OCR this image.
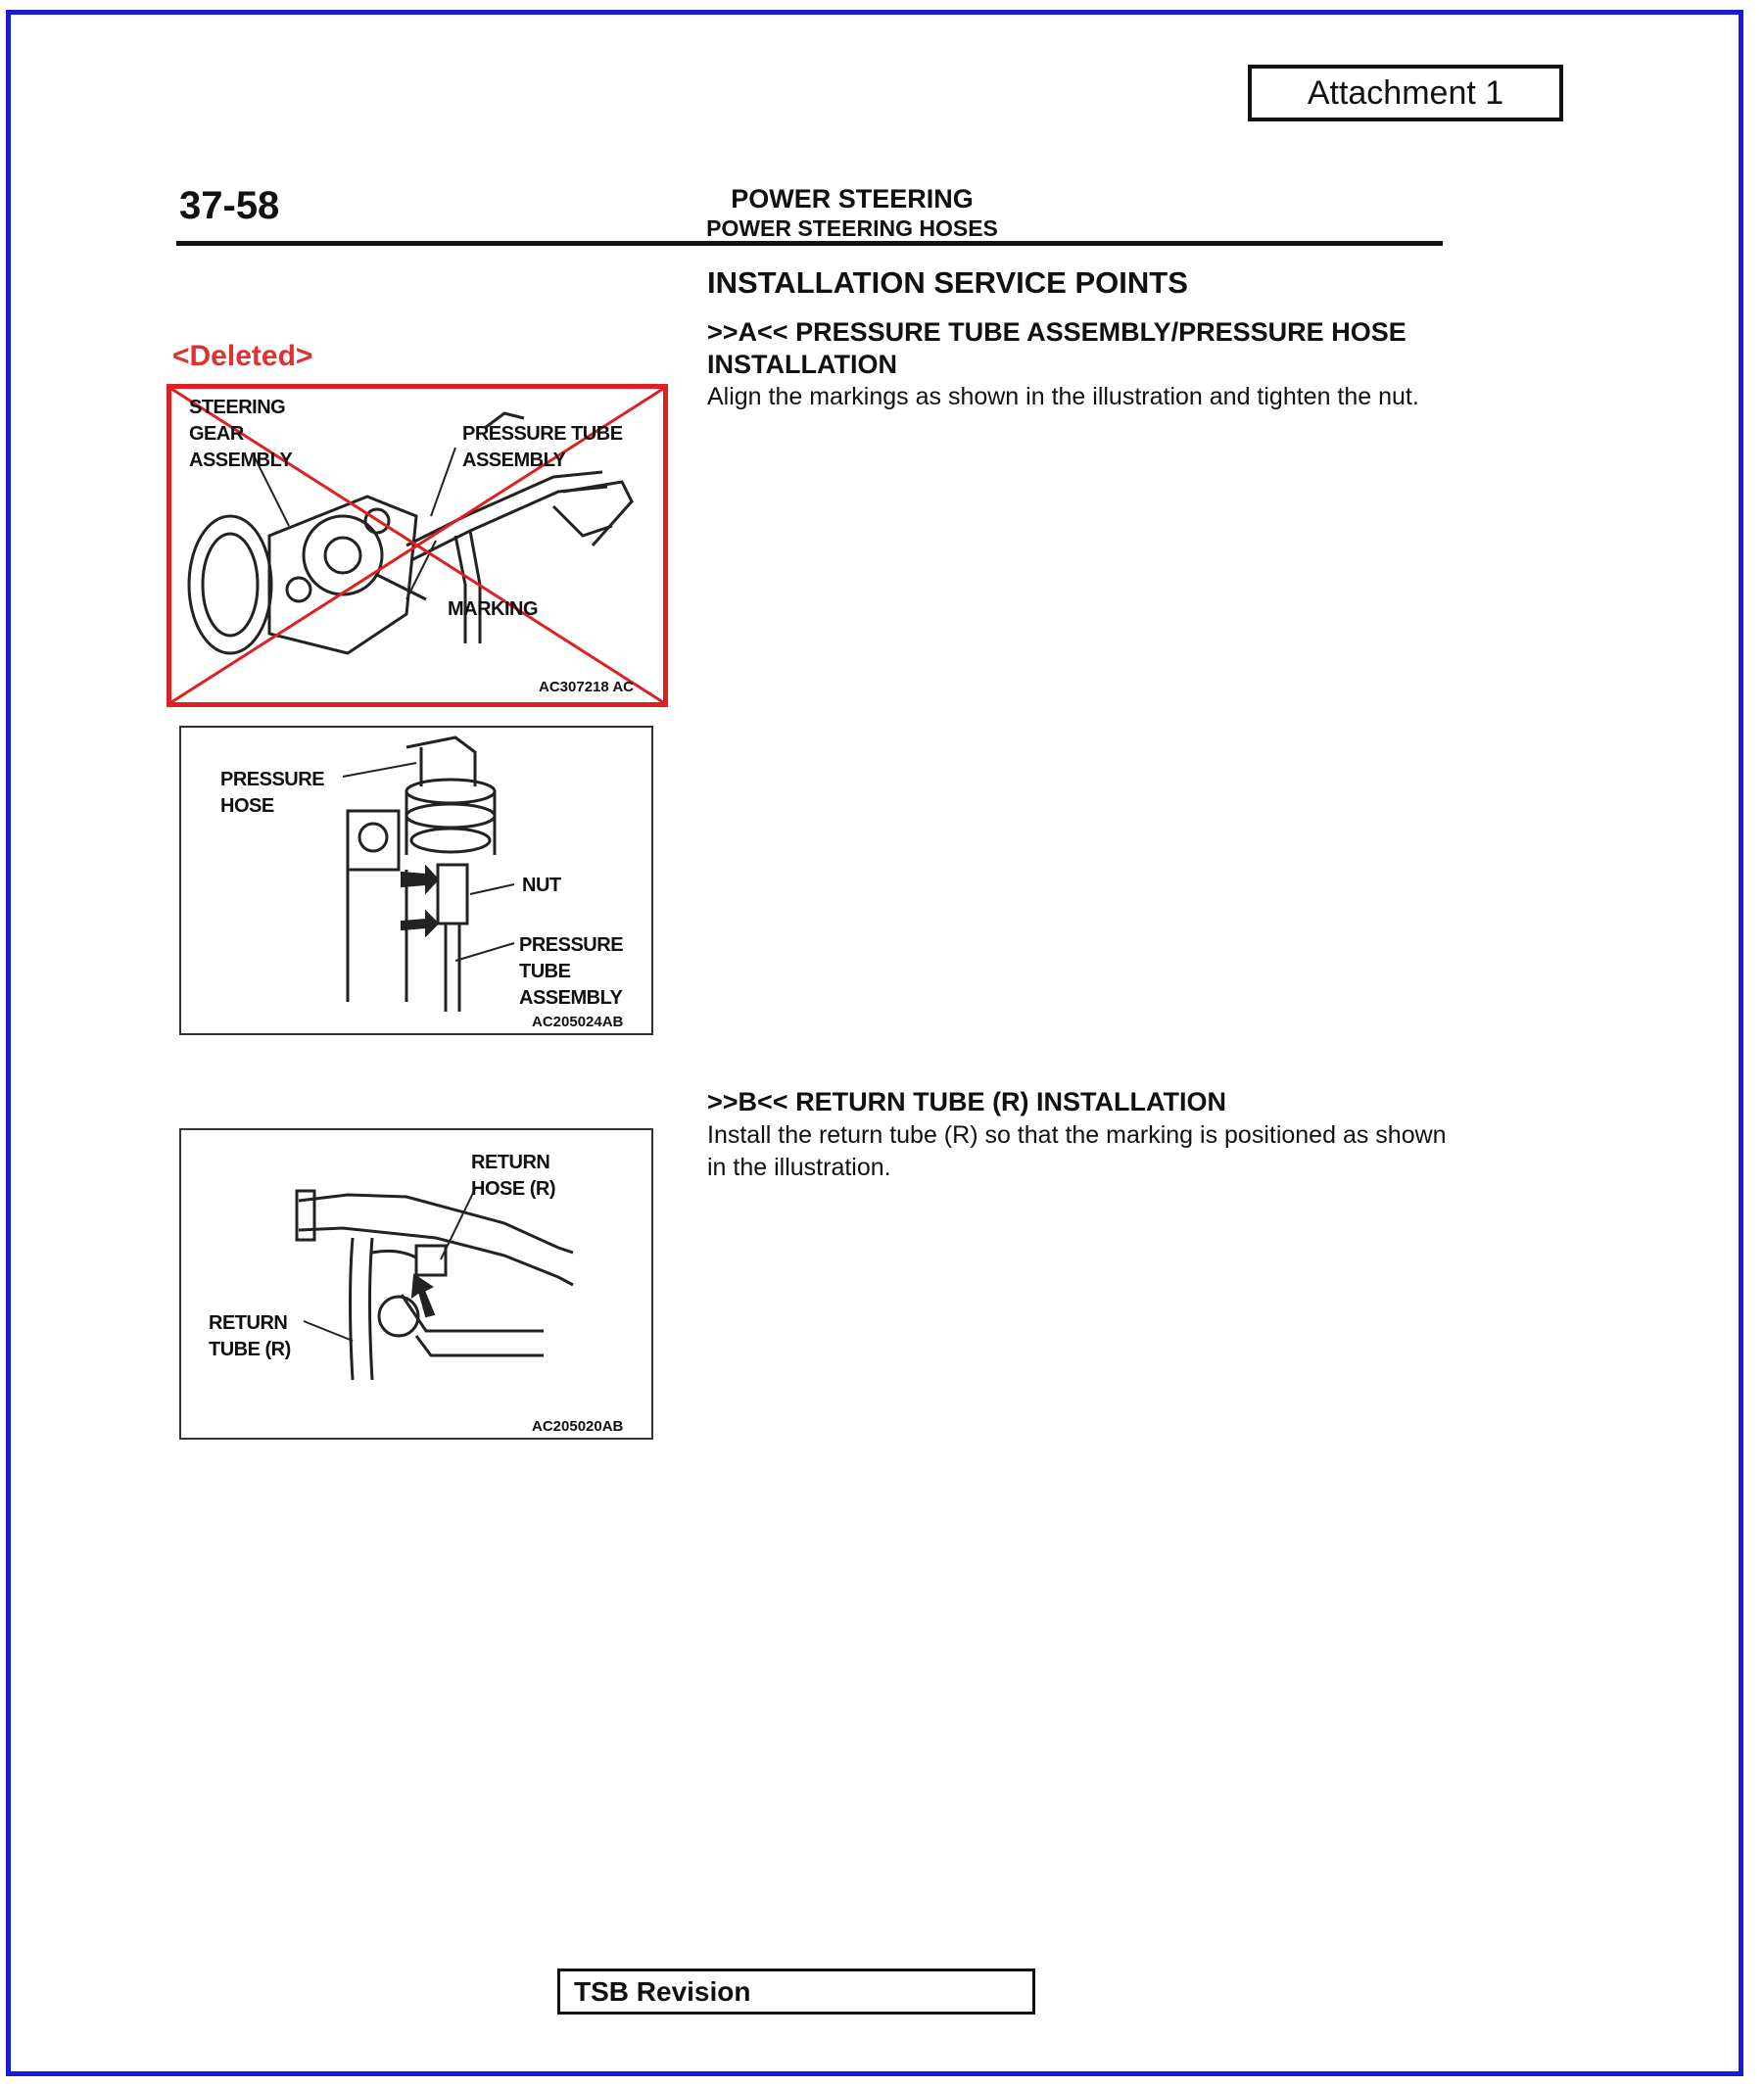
Attachment 1
37-58	POWER STEERING
POWER STEERING HOSES
INSTALLATION SERVICE POINTS
>>A<< PRESSURE TUBE ASSEMBLY/PRESSURE HOSE INSTALLATION
Align the markings as shown in the illustration and tighten the nut.
>>B<< RETURN TUBE (R) INSTALLATION
Install the return tube (R) so that the marking is positioned as shown in the illustration.
<Deleted>
STEERING
GEAR
ASSEMBLY
PRESSURE TUBE
ASSEMBLY
MARKING
AC307218 AC
PRESSURE
HOSE
NUT
PRESSURE
TUBE
ASSEMBLY
AC205024AB
RETURN
HOSE (R)
RETURN
TUBE (R)
AC205020AB
TSB Revision
